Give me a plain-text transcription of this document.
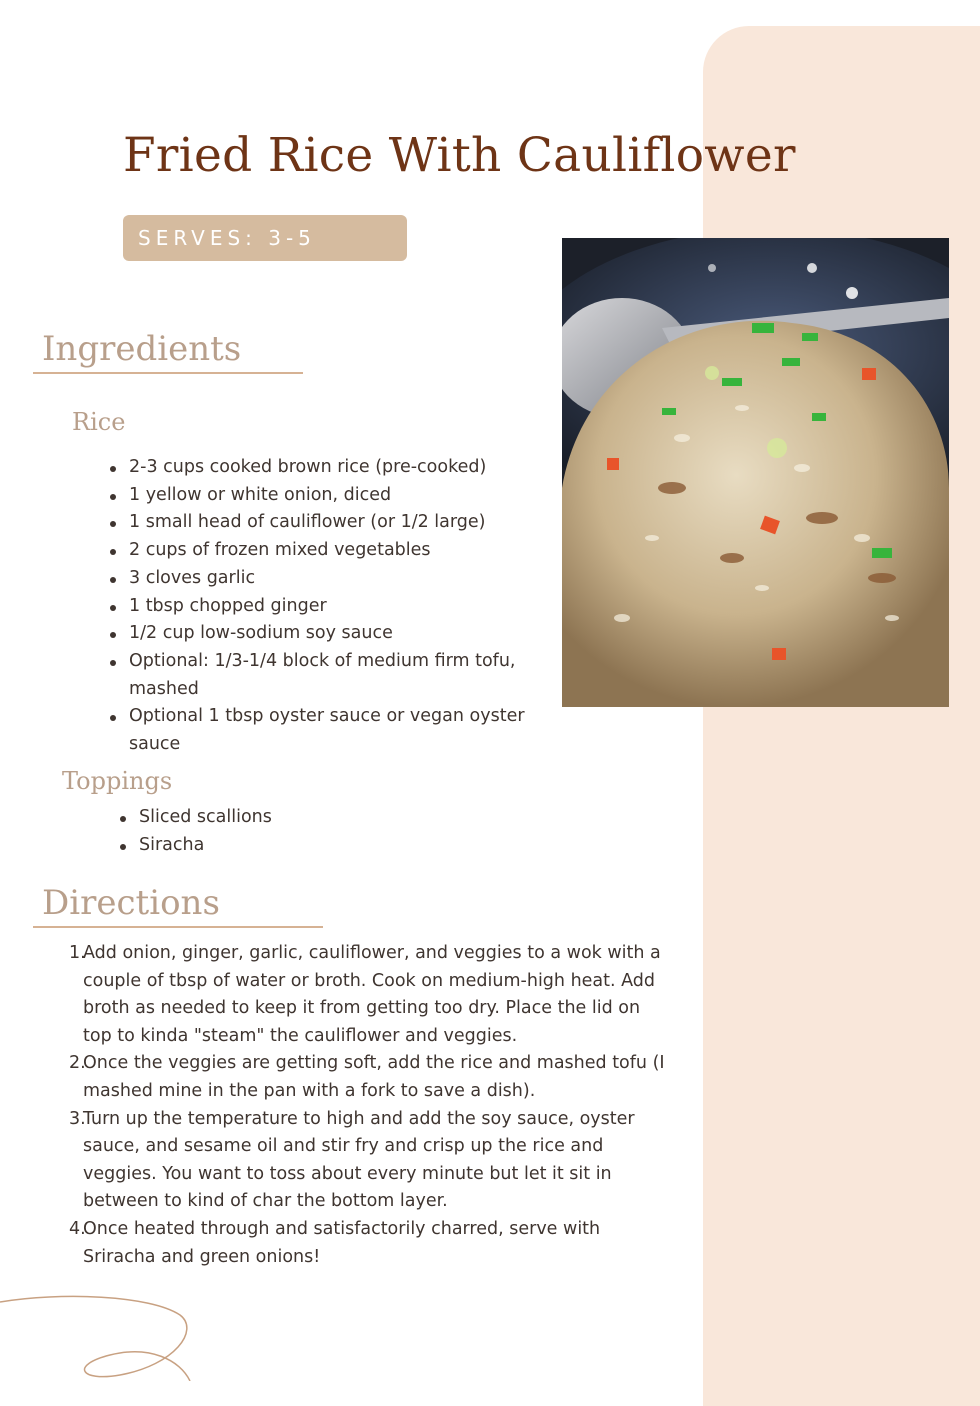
Fried Rice With Cauliflower
SERVES: 3-5
Ingredients
Rice
2-3 cups cooked brown rice (pre-cooked)
1 yellow or white onion, diced
1 small head of cauliflower (or 1/2 large)
2 cups of frozen mixed vegetables
3 cloves garlic
1 tbsp chopped ginger
1/2 cup low-sodium soy sauce
Optional: 1/3-1/4 block of medium firm tofu, mashed
Optional 1 tbsp oyster sauce or vegan oyster sauce
Toppings
Sliced scallions
Siracha
Directions
1.
Add onion, ginger, garlic, cauliflower, and veggies to a wok with a couple of tbsp of water or broth. Cook on medium-high heat. Add broth as needed to keep it from getting too dry. Place the lid on top to kinda "steam" the cauliflower and veggies.
2.
Once the veggies are getting soft, add the rice and mashed tofu (I mashed mine in the pan with a fork to save a dish).
3.
Turn up the temperature to high and add the soy sauce, oyster sauce, and sesame oil and stir fry and crisp up the rice and veggies. You want to toss about every minute but let it sit in between to kind of char the bottom layer.
4.
Once heated through and satisfactorily charred, serve with Sriracha and green onions!
